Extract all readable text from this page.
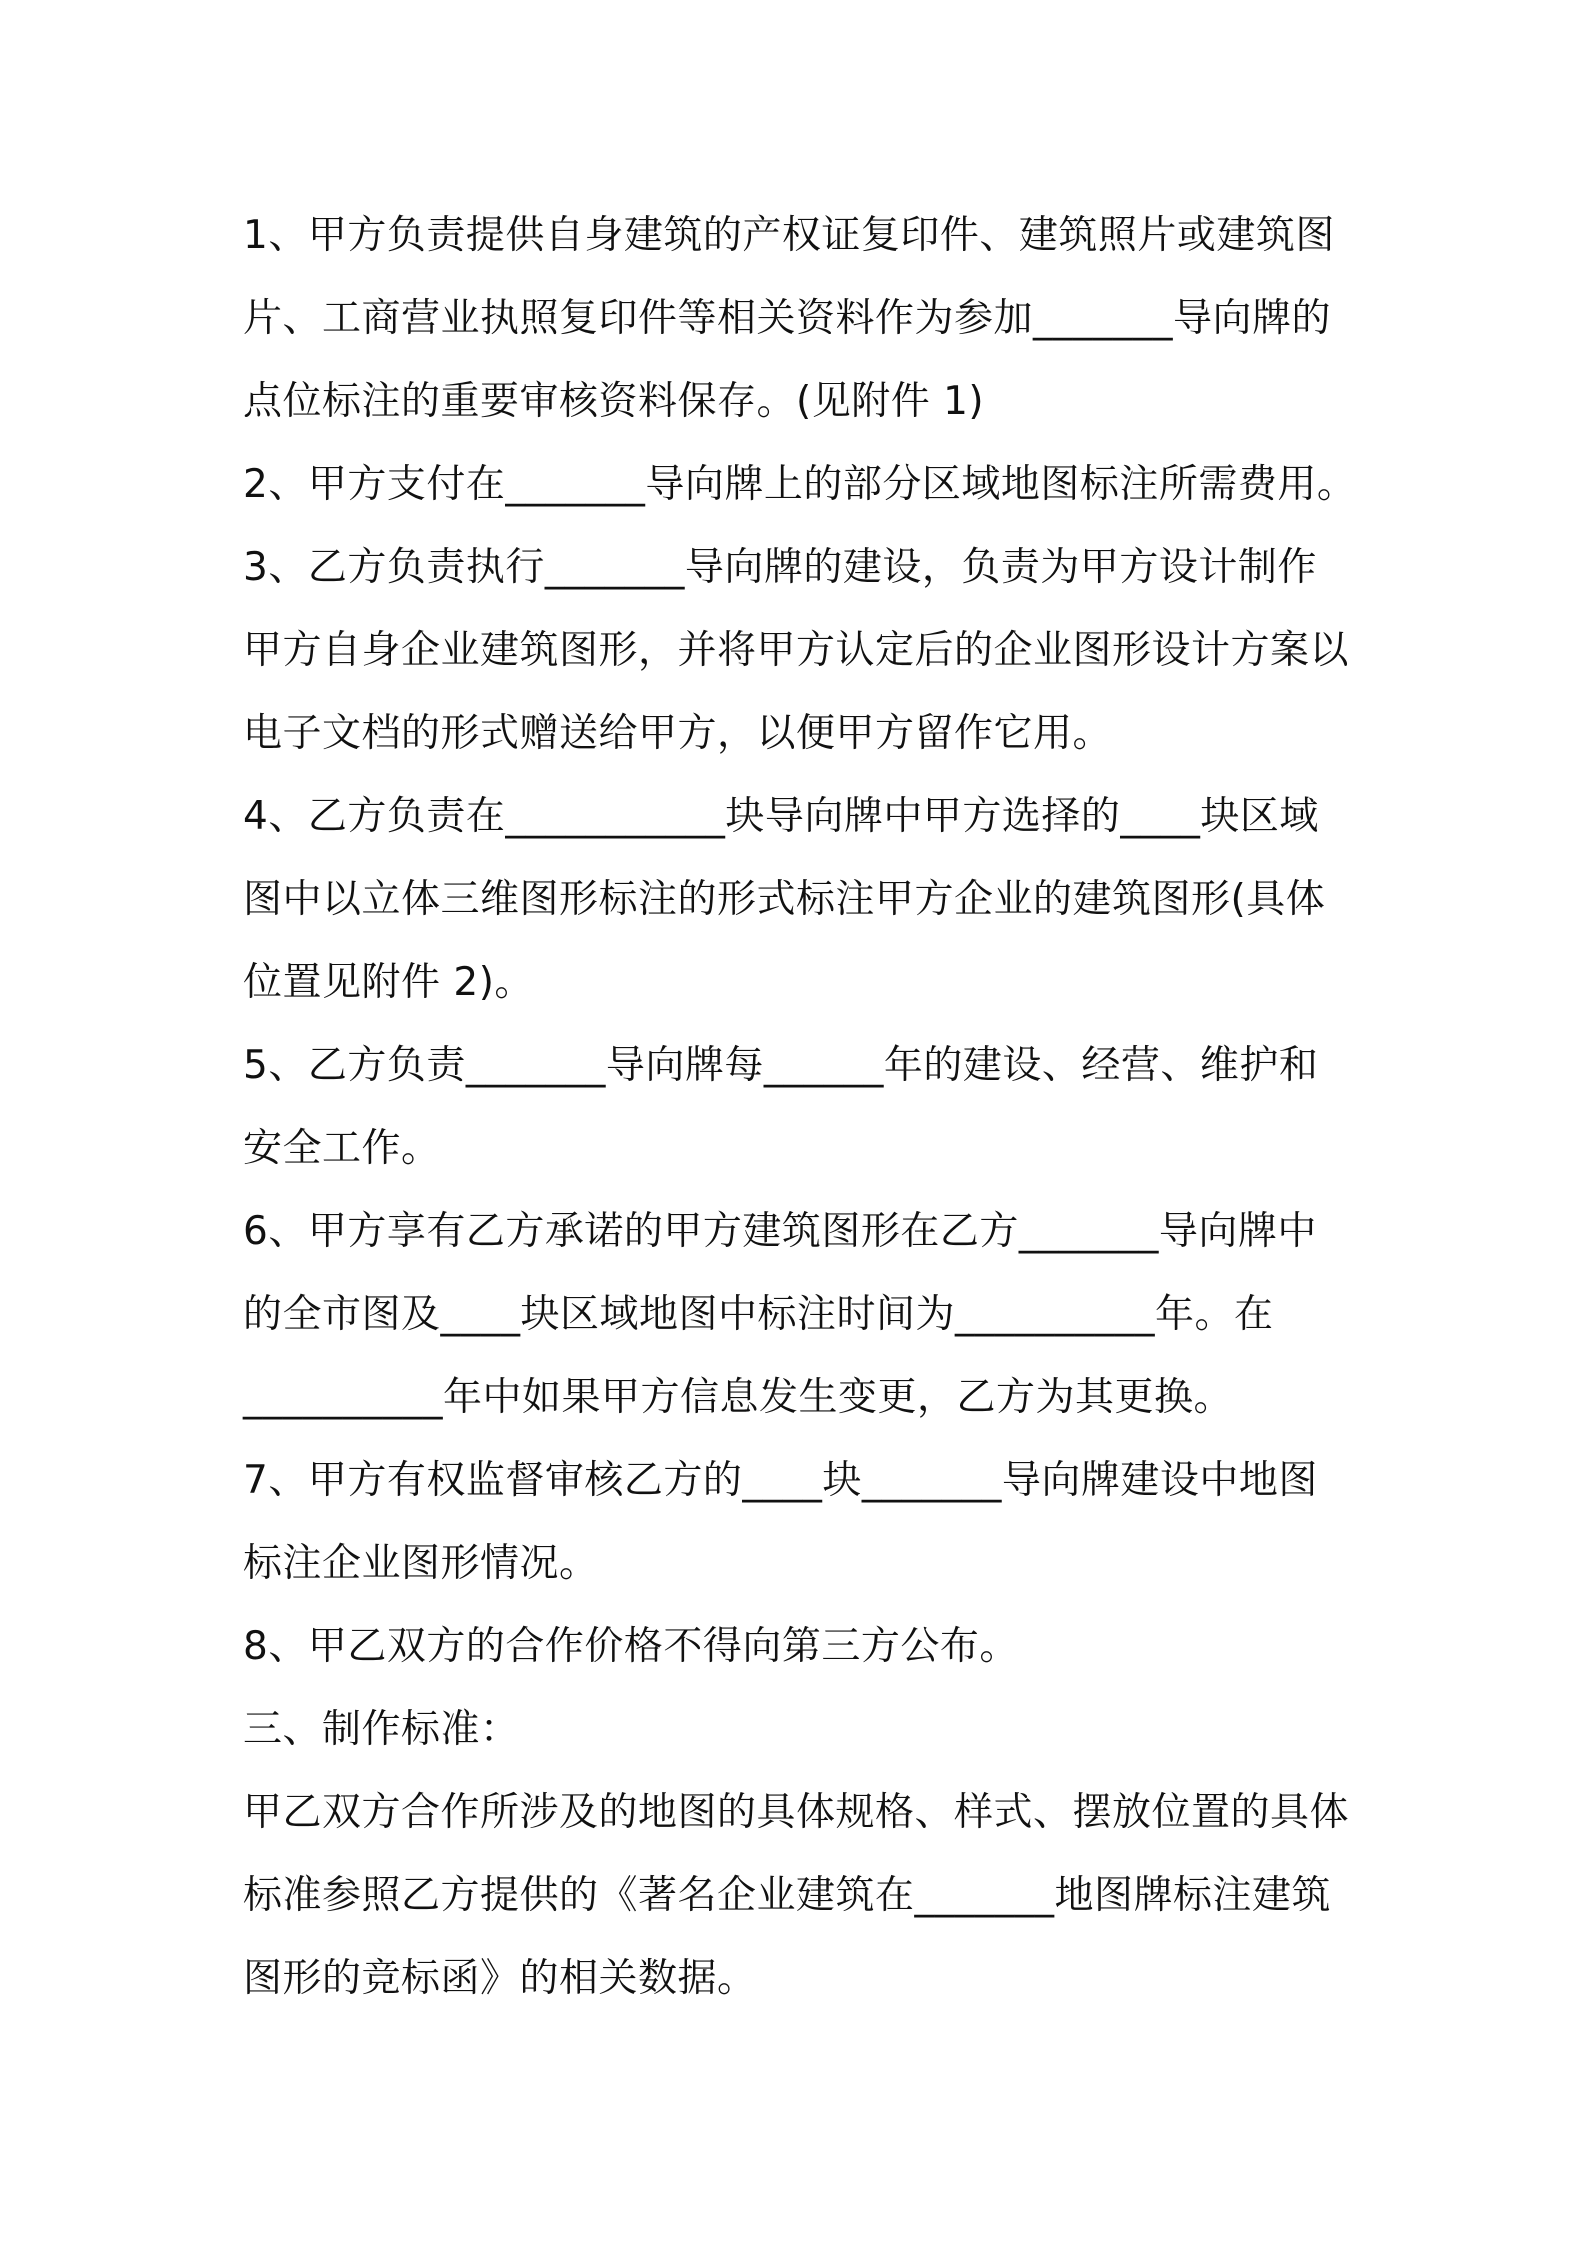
1、甲方负责提供自身建筑的产权证复印件、建筑照片或建筑图
片、工商营业执照复印件等相关资料作为参加_______导向牌的
点位标注的重要审核资料保存。(见附件 1)
2、甲方支付在_______导向牌上的部分区域地图标注所需费用。
3、乙方负责执行_______导向牌的建设，负责为甲方设计制作
甲方自身企业建筑图形，并将甲方认定后的企业图形设计方案以
电子文档的形式赠送给甲方，以便甲方留作它用。
4、乙方负责在___________块导向牌中甲方选择的____块区域
图中以立体三维图形标注的形式标注甲方企业的建筑图形(具体
位置见附件 2)。
5、乙方负责_______导向牌每______年的建设、经营、维护和
安全工作。
6、甲方享有乙方承诺的甲方建筑图形在乙方_______导向牌中
的全市图及____块区域地图中标注时间为__________年。在
__________年中如果甲方信息发生变更，乙方为其更换。
7、甲方有权监督审核乙方的____块_______导向牌建设中地图
标注企业图形情况。
8、甲乙双方的合作价格不得向第三方公布。
三、制作标准：
甲乙双方合作所涉及的地图的具体规格、样式、摆放位置的具体
标准参照乙方提供的《著名企业建筑在_______地图牌标注建筑
图形的竞标函》的相关数据。
